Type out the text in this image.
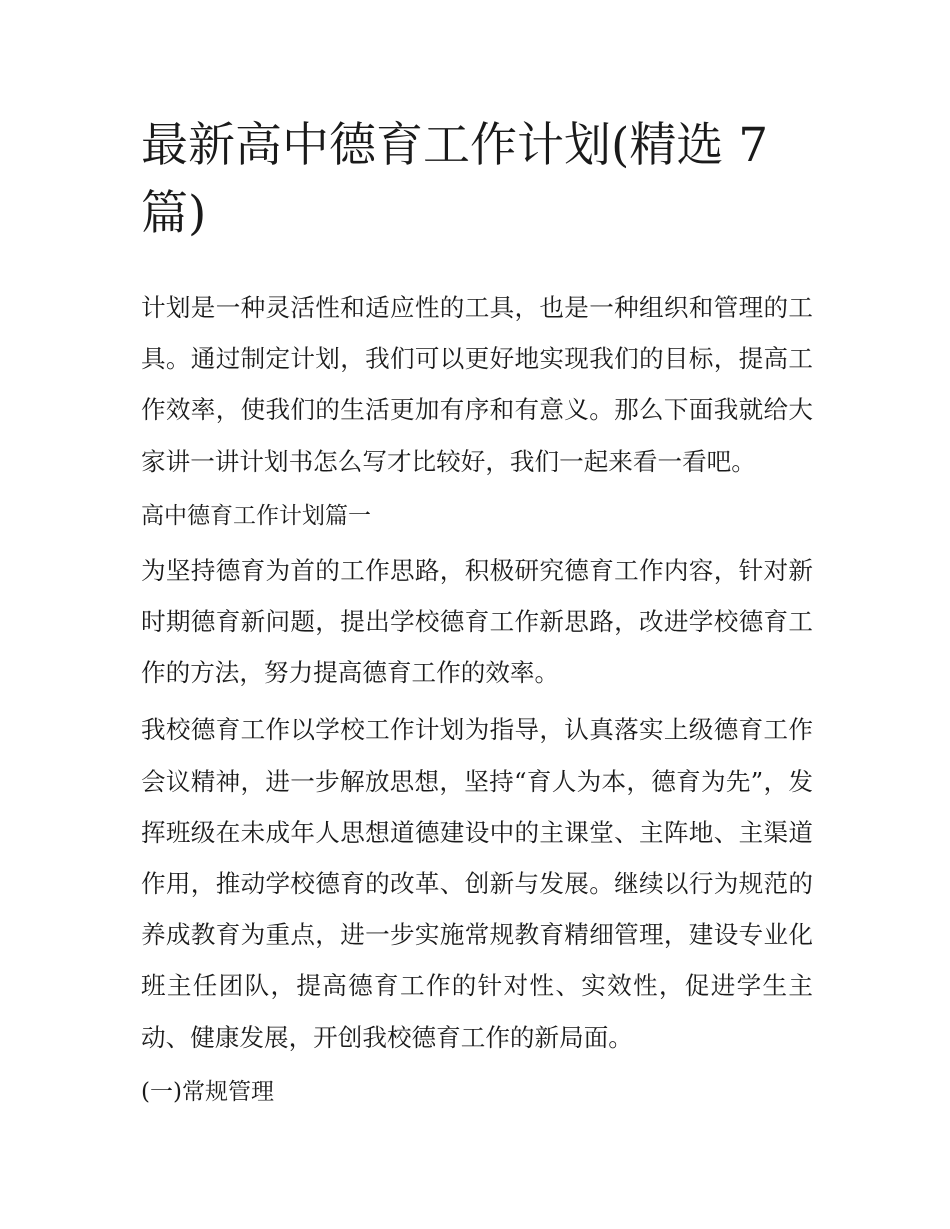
最新高中德育工作计划(精选 7 篇)

计划是一种灵活性和适应性的工具，也是一种组织和管理的工具。通过制定计划，我们可以更好地实现我们的目标，提高工作效率，使我们的生活更加有序和有意义。那么下面我就给大家讲一讲计划书怎么写才比较好，我们一起来看一看吧。

高中德育工作计划篇一

为坚持德育为首的工作思路，积极研究德育工作内容，针对新时期德育新问题，提出学校德育工作新思路，改进学校德育工作的方法，努力提高德育工作的效率。

我校德育工作以学校工作计划为指导，认真落实上级德育工作会议精神，进一步解放思想，坚持“育人为本，德育为先”，发挥班级在未成年人思想道德建设中的主课堂、主阵地、主渠道作用，推动学校德育的改革、创新与发展。继续以行为规范的养成教育为重点，进一步实施常规教育精细管理，建设专业化班主任团队，提高德育工作的针对性、实效性，促进学生主动、健康发展，开创我校德育工作的新局面。

(一)常规管理
